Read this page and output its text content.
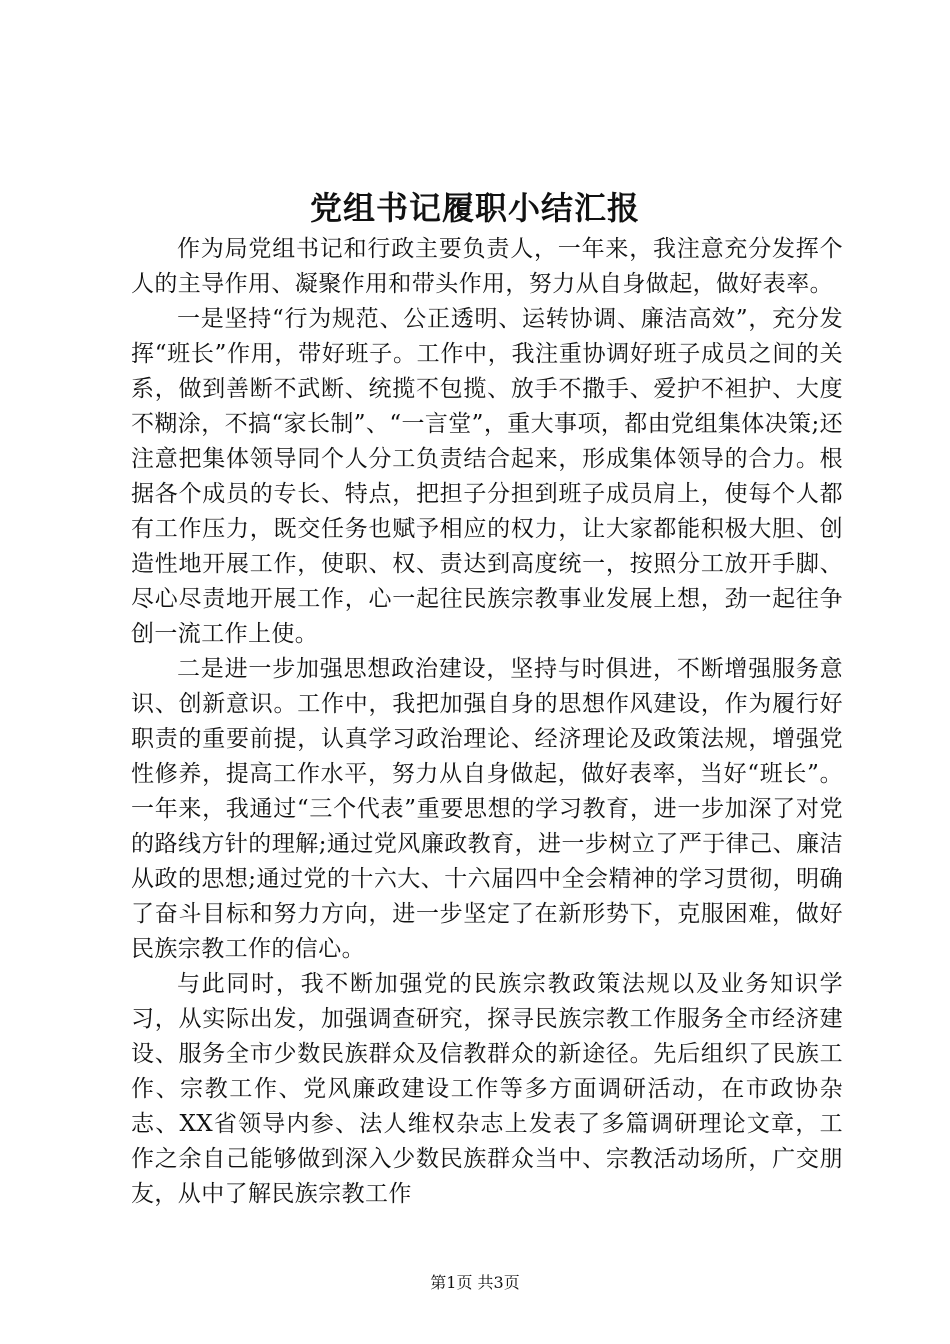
党组书记履职小结汇报

作为局党组书记和行政主要负责人，一年来，我注意充分发挥个人的主导作用、凝聚作用和带头作用，努力从自身做起，做好表率。

一是坚持“行为规范、公正透明、运转协调、廉洁高效”，充分发挥“班长”作用，带好班子。工作中，我注重协调好班子成员之间的关系，做到善断不武断、统揽不包揽、放手不撒手、爱护不袒护、大度不糊涂，不搞“家长制”、“一言堂”，重大事项，都由党组集体决策;还注意把集体领导同个人分工负责结合起来，形成集体领导的合力。根据各个成员的专长、特点，把担子分担到班子成员肩上，使每个人都有工作压力，既交任务也赋予相应的权力，让大家都能积极大胆、创造性地开展工作，使职、权、责达到高度统一，按照分工放开手脚、尽心尽责地开展工作，心一起往民族宗教事业发展上想，劲一起往争创一流工作上使。

二是进一步加强思想政治建设，坚持与时俱进，不断增强服务意识、创新意识。工作中，我把加强自身的思想作风建设，作为履行好职责的重要前提，认真学习政治理论、经济理论及政策法规，增强党性修养，提高工作水平，努力从自身做起，做好表率，当好“班长”。一年来，我通过“三个代表”重要思想的学习教育，进一步加深了对党的路线方针的理解;通过党风廉政教育，进一步树立了严于律己、廉洁从政的思想;通过党的十六大、十六届四中全会精神的学习贯彻，明确了奋斗目标和努力方向，进一步坚定了在新形势下，克服困难，做好民族宗教工作的信心。

与此同时，我不断加强党的民族宗教政策法规以及业务知识学习，从实际出发，加强调查研究，探寻民族宗教工作服务全市经济建设、服务全市少数民族群众及信教群众的新途径。先后组织了民族工作、宗教工作、党风廉政建设工作等多方面调研活动，在市政协杂志、XX省领导内参、法人维权杂志上发表了多篇调研理论文章，工作之余自己能够做到深入少数民族群众当中、宗教活动场所，广交朋友，从中了解民族宗教工作

第1页 共3页
